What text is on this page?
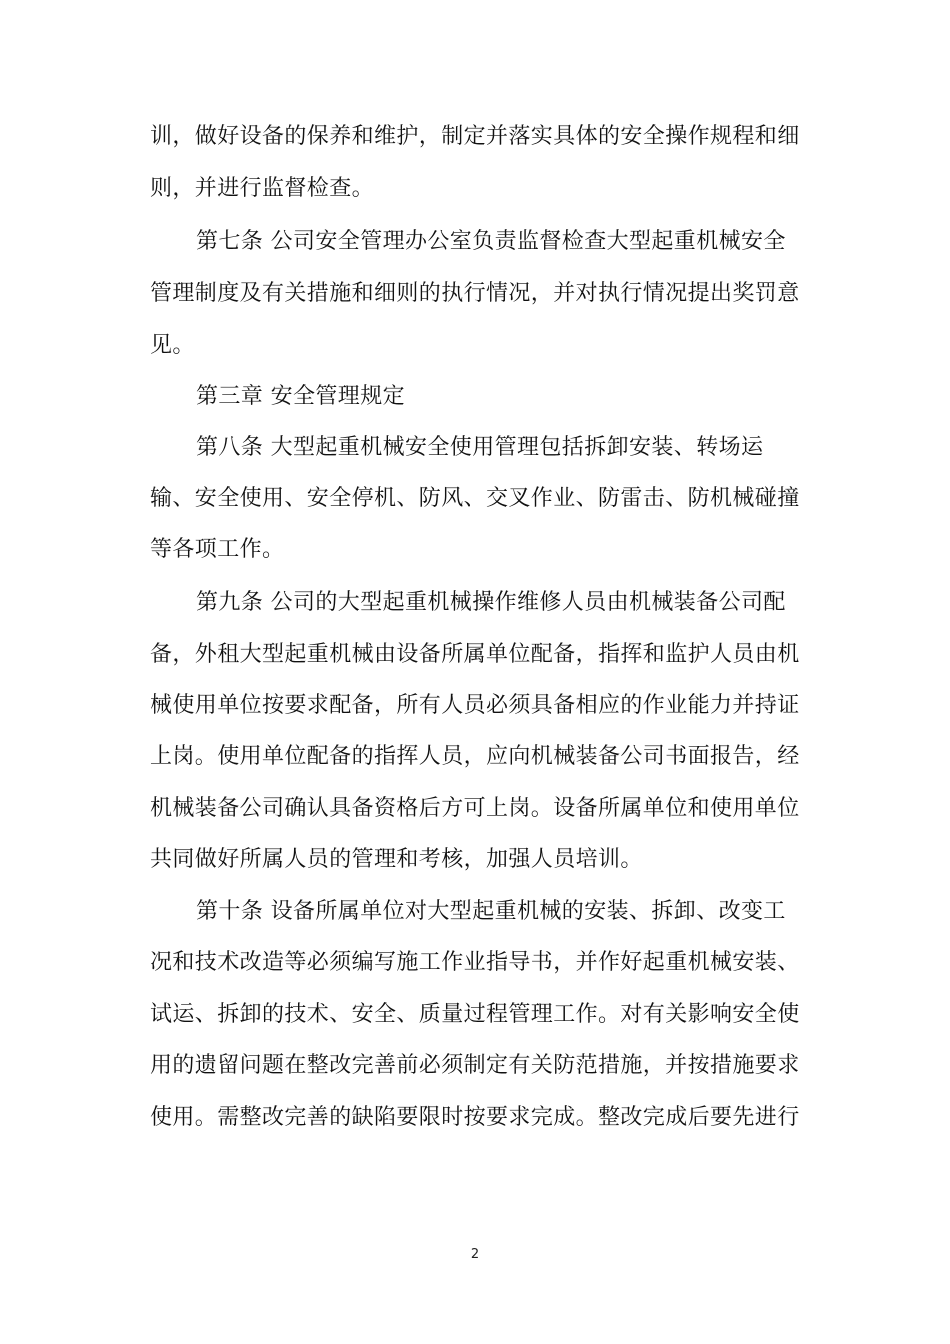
训，做好设备的保养和维护，制定并落实具体的安全操作规程和细
则，并进行监督检查。
第七条 公司安全管理办公室负责监督检查大型起重机械安全
管理制度及有关措施和细则的执行情况，并对执行情况提出奖罚意
见。
第三章 安全管理规定
第八条 大型起重机械安全使用管理包括拆卸安装、转场运
输、安全使用、安全停机、防风、交叉作业、防雷击、防机械碰撞
等各项工作。
第九条 公司的大型起重机械操作维修人员由机械装备公司配
备，外租大型起重机械由设备所属单位配备，指挥和监护人员由机
械使用单位按要求配备，所有人员必须具备相应的作业能力并持证
上岗。使用单位配备的指挥人员，应向机械装备公司书面报告，经
机械装备公司确认具备资格后方可上岗。设备所属单位和使用单位
共同做好所属人员的管理和考核，加强人员培训。
第十条 设备所属单位对大型起重机械的安装、拆卸、改变工
况和技术改造等必须编写施工作业指导书，并作好起重机械安装、
试运、拆卸的技术、安全、质量过程管理工作。对有关影响安全使
用的遗留问题在整改完善前必须制定有关防范措施，并按措施要求
使用。需整改完善的缺陷要限时按要求完成。整改完成后要先进行
2
